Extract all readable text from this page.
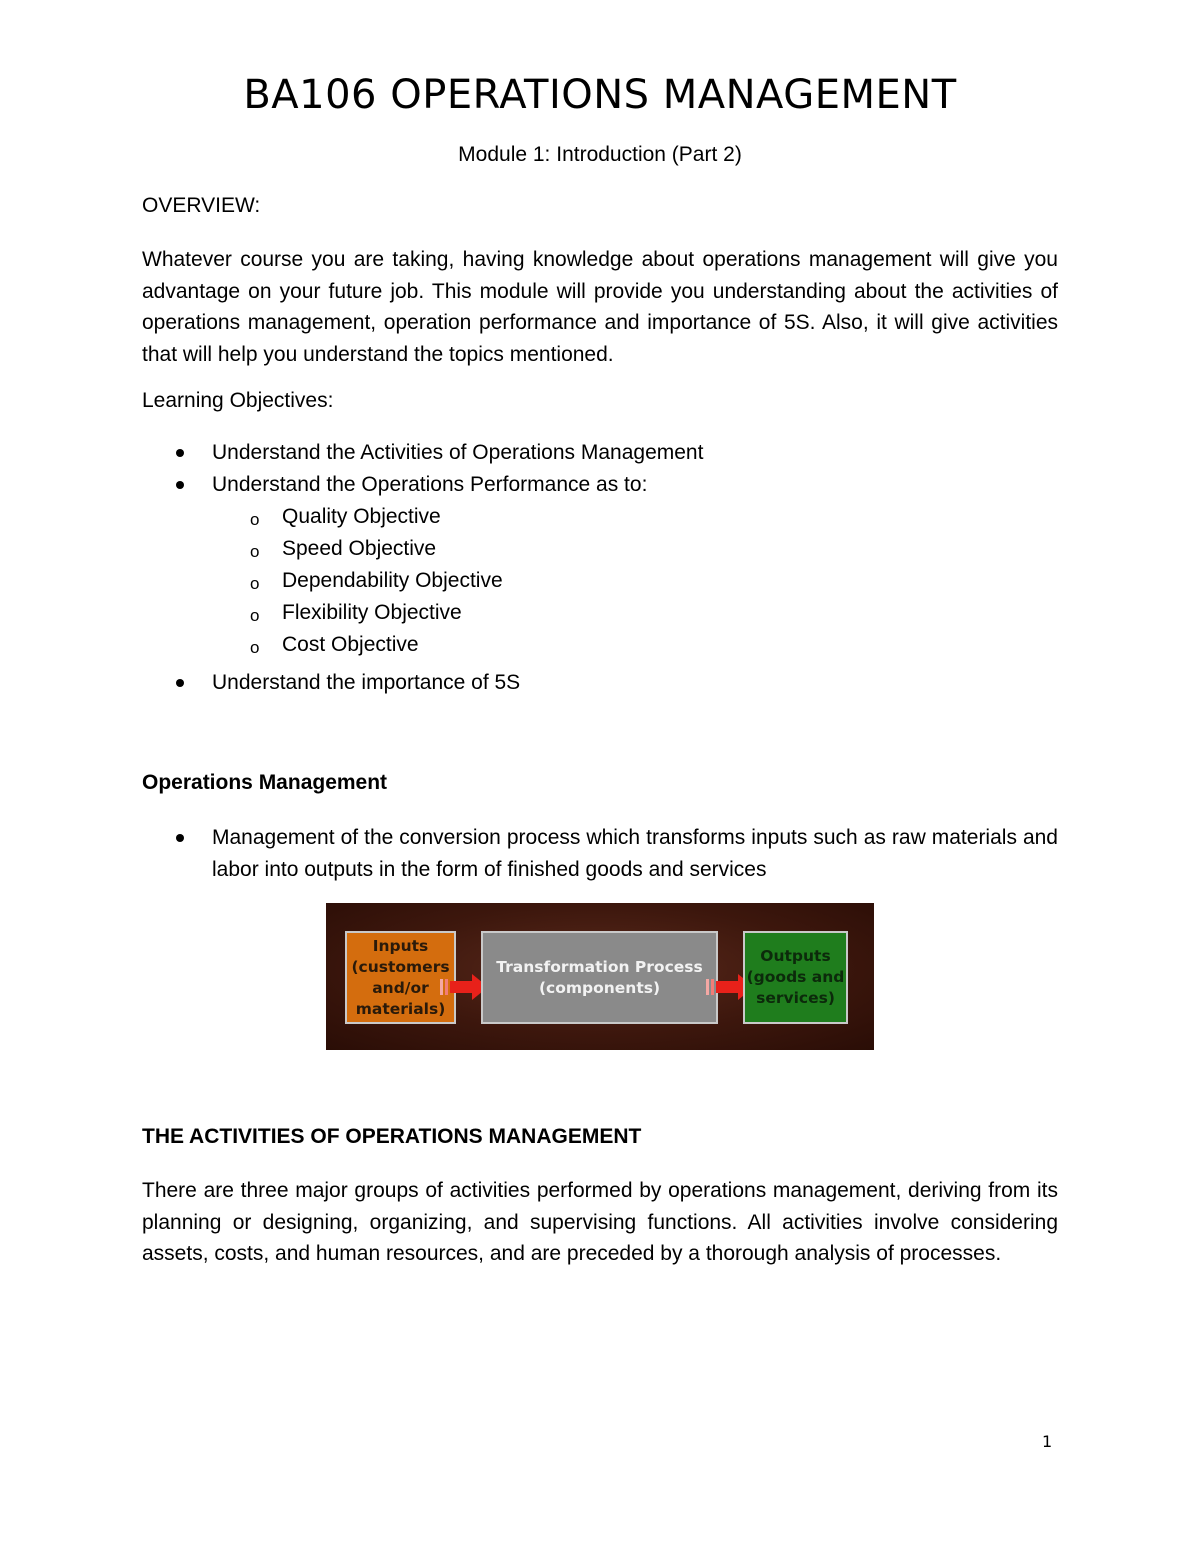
BA106 OPERATIONS MANAGEMENT
Module 1: Introduction (Part 2)
OVERVIEW:

Whatever course you are taking, having knowledge about operations management will give you advantage on your future job. This module will provide you understanding about the activities of operations management, operation performance and importance of 5S. Also, it will give activities that will help you understand the topics mentioned.

Learning Objectives:
Understand the Activities of Operations Management
Understand the Operations Performance as to:
o Quality Objective
o Speed Objective
o Dependability Objective
o Flexibility Objective
o Cost Objective
Understand the importance of 5S
Operations Management
Management of the conversion process which transforms inputs such as raw materials and labor into outputs in the form of finished goods and services
Inputs (customers and/or materials)
Transformation Process (components)
Outputs (goods and services)
THE ACTIVITIES OF OPERATIONS MANAGEMENT

There are three major groups of activities performed by operations management, deriving from its planning or designing, organizing, and supervising functions. All activities involve considering assets, costs, and human resources, and are preceded by a thorough analysis of processes.

1
